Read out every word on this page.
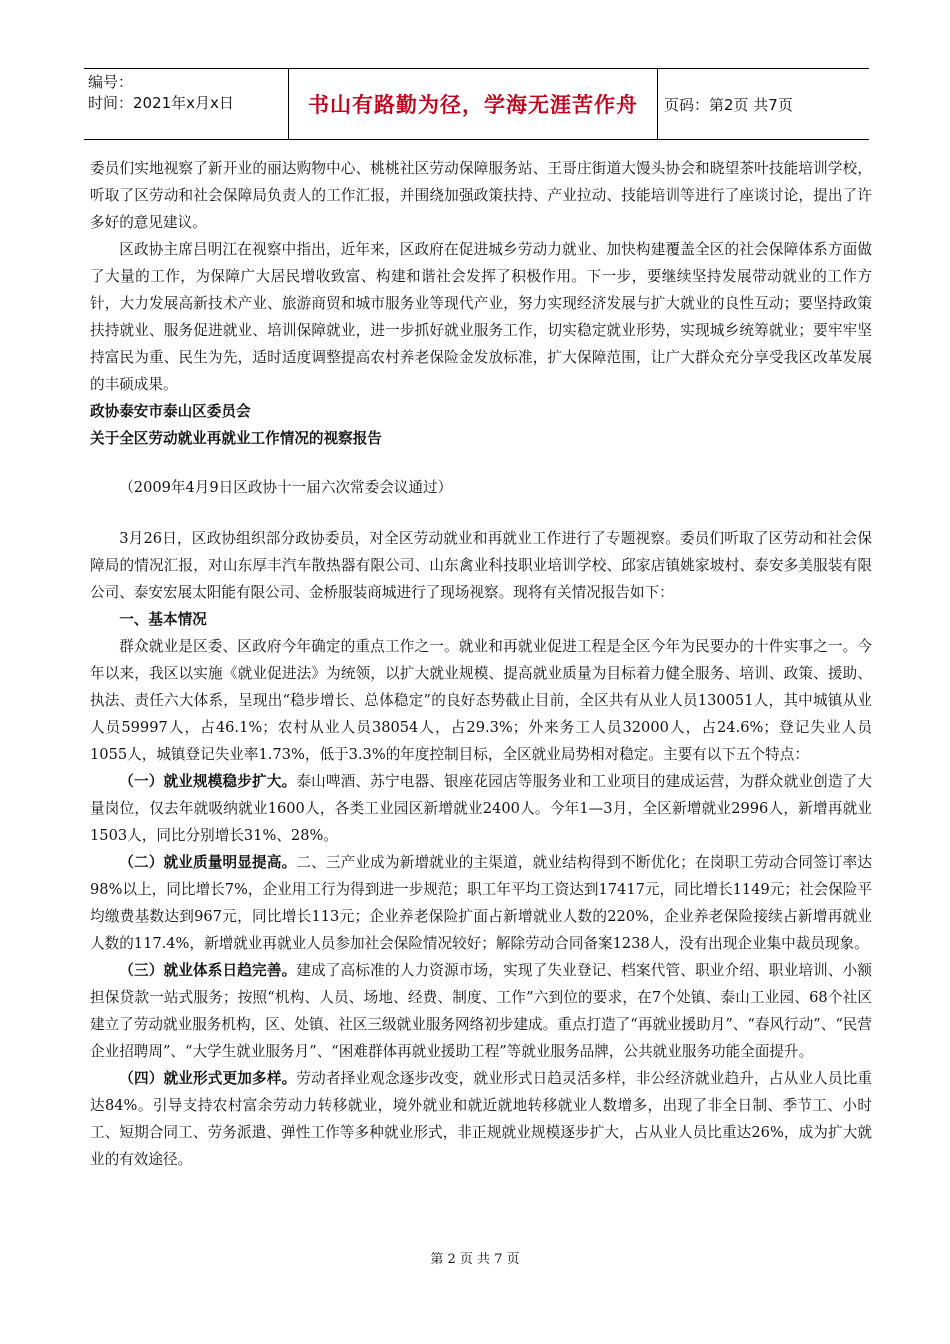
编号：
时间：2021年x月x日	书山有路勤为径，学海无涯苦作舟	页码：第2页 共7页

委员们实地视察了新开业的丽达购物中心、桃桃社区劳动保障服务站、王哥庄街道大馒头协会和晓望茶叶技能培训学校，听取了区劳动和社会保障局负责人的工作汇报，并围绕加强政策扶持、产业拉动、技能培训等进行了座谈讨论，提出了许多好的意见建议。

区政协主席吕明江在视察中指出，近年来，区政府在促进城乡劳动力就业、加快构建覆盖全区的社会保障体系方面做了大量的工作，为保障广大居民增收致富、构建和谐社会发挥了积极作用。下一步，要继续坚持发展带动就业的工作方针，大力发展高新技术产业、旅游商贸和城市服务业等现代产业，努力实现经济发展与扩大就业的良性互动；要坚持政策扶持就业、服务促进就业、培训保障就业，进一步抓好就业服务工作，切实稳定就业形势，实现城乡统筹就业；要牢牢坚持富民为重、民生为先，适时适度调整提高农村养老保险金发放标准，扩大保障范围，让广大群众充分享受我区改革发展的丰硕成果。

政协泰安市泰山区委员会

关于全区劳动就业再就业工作情况的视察报告

（2009年4月9日区政协十一届六次常委会议通过）

3月26日，区政协组织部分政协委员，对全区劳动就业和再就业工作进行了专题视察。委员们听取了区劳动和社会保障局的情况汇报，对山东厚丰汽车散热器有限公司、山东禽业科技职业培训学校、邱家店镇姚家坡村、泰安多美服装有限公司、泰安宏展太阳能有限公司、金桥服装商城进行了现场视察。现将有关情况报告如下：

一、基本情况

群众就业是区委、区政府今年确定的重点工作之一。就业和再就业促进工程是全区今年为民要办的十件实事之一。今年以来，我区以实施《就业促进法》为统领，以扩大就业规模、提高就业质量为目标着力健全服务、培训、政策、援助、执法、责任六大体系，呈现出“稳步增长、总体稳定”的良好态势截止目前，全区共有从业人员130051人，其中城镇从业人员59997人，占46.1%；农村从业人员38054人，占29.3%；外来务工人员32000人，占24.6%；登记失业人员1055人，城镇登记失业率1.73%，低于3.3%的年度控制目标，全区就业局势相对稳定。主要有以下五个特点：

（一）就业规模稳步扩大。泰山啤酒、苏宁电器、银座花园店等服务业和工业项目的建成运营，为群众就业创造了大量岗位，仅去年就吸纳就业1600人，各类工业园区新增就业2400人。今年1—3月，全区新增就业2996人，新增再就业1503人，同比分别增长31%、28%。

（二）就业质量明显提高。二、三产业成为新增就业的主渠道，就业结构得到不断优化；在岗职工劳动合同签订率达98%以上，同比增长7%，企业用工行为得到进一步规范；职工年平均工资达到17417元，同比增长1149元；社会保险平均缴费基数达到967元，同比增长113元；企业养老保险扩面占新增就业人数的220%，企业养老保险接续占新增再就业人数的117.4%，新增就业再就业人员参加社会保险情况较好；解除劳动合同备案1238人，没有出现企业集中裁员现象。

（三）就业体系日趋完善。建成了高标准的人力资源市场，实现了失业登记、档案代管、职业介绍、职业培训、小额担保贷款一站式服务；按照“机构、人员、场地、经费、制度、工作”六到位的要求，在7个处镇、泰山工业园、68个社区建立了劳动就业服务机构，区、处镇、社区三级就业服务网络初步建成。重点打造了“再就业援助月”、“春风行动”、“民营企业招聘周”、“大学生就业服务月”、“困难群体再就业援助工程”等就业服务品牌，公共就业服务功能全面提升。

（四）就业形式更加多样。劳动者择业观念逐步改变，就业形式日趋灵活多样，非公经济就业趋升，占从业人员比重达84%。引导支持农村富余劳动力转移就业，境外就业和就近就地转移就业人数增多，出现了非全日制、季节工、小时工、短期合同工、劳务派遣、弹性工作等多种就业形式，非正规就业规模逐步扩大，占从业人员比重达26%，成为扩大就业的有效途径。

第 2 页 共 7 页
